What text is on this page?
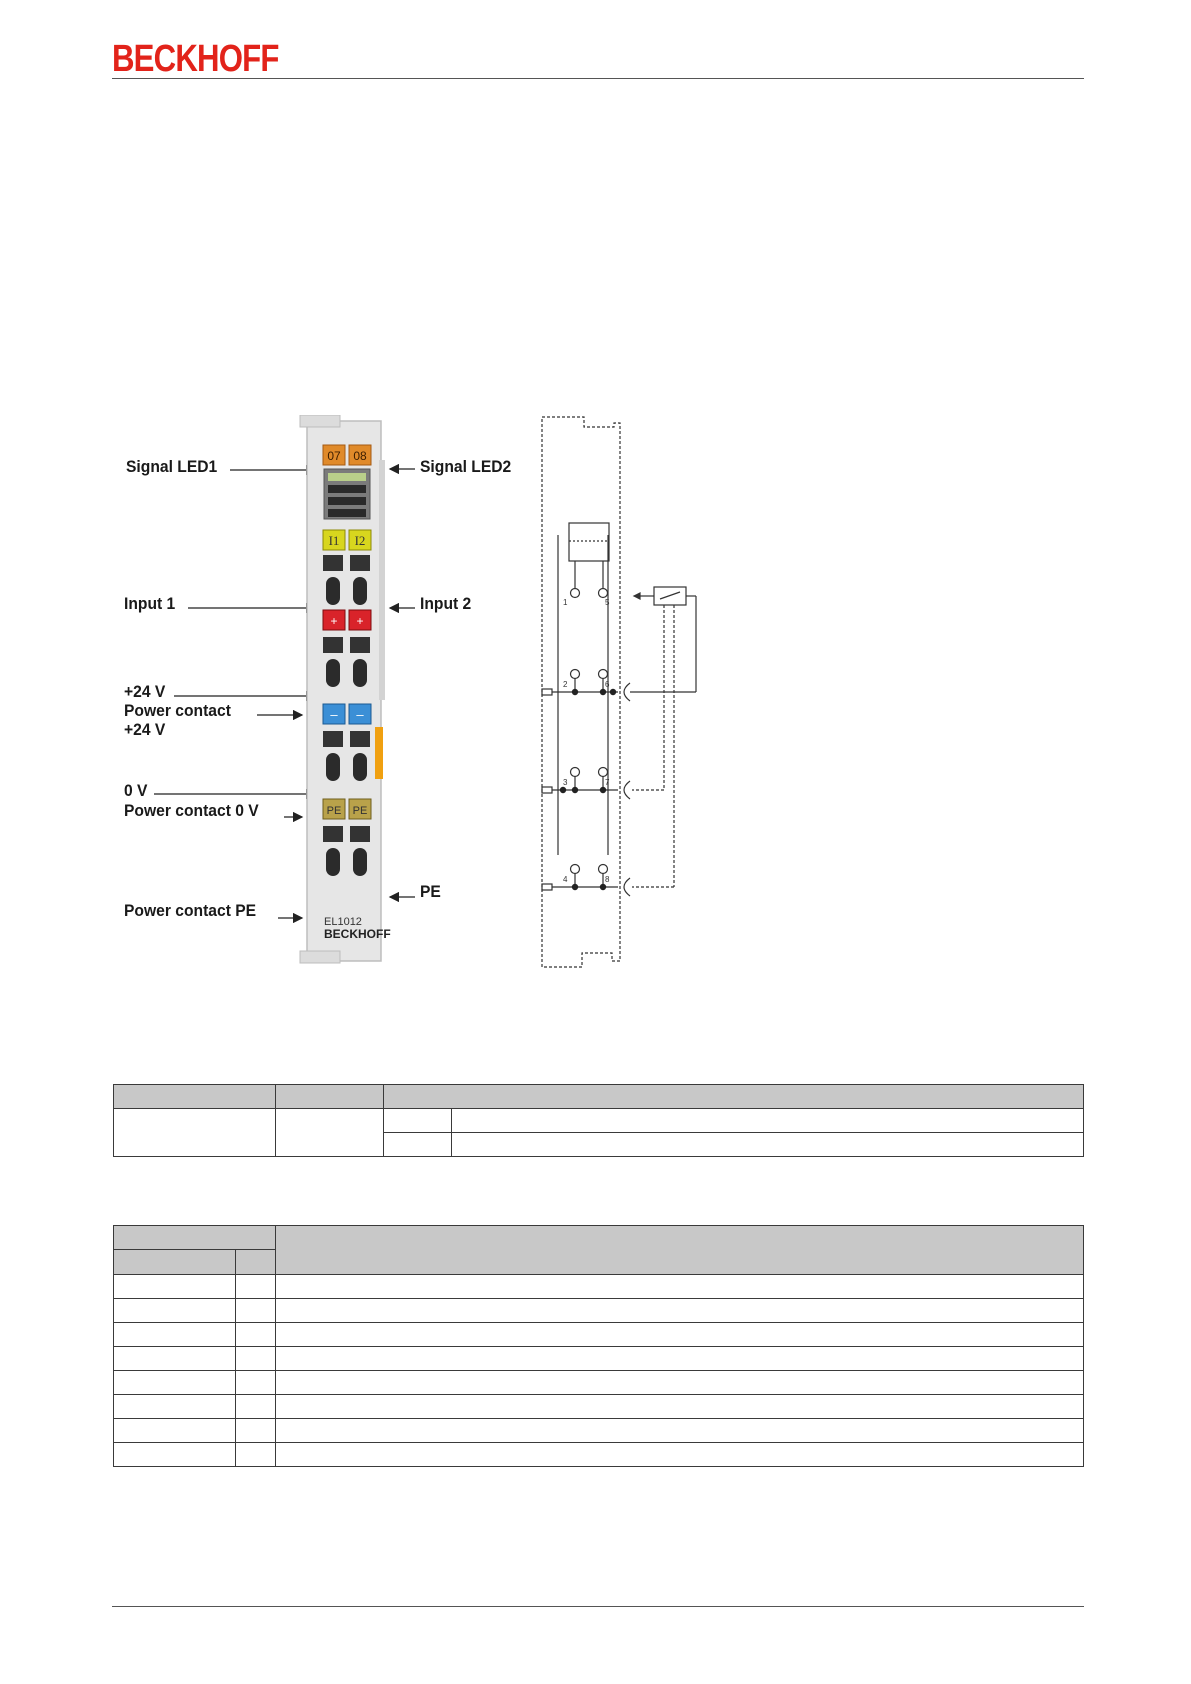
BECKHOFF
Signal LED1	Signal LED2
Input 1	Input 2
+24 V
Power contact
+24 V
0 V
Power contact 0 V
PE
Power contact PE
07 08
I1 I2
+ +
– –
PE PE
EL1012
BECKHOFF
1	5
2	6
3	7
4	8
